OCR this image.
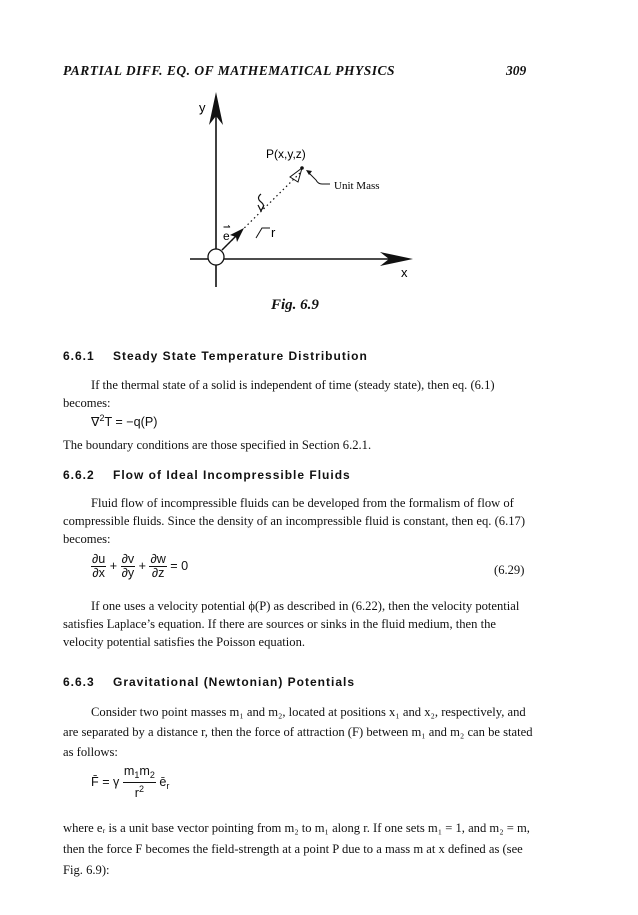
PARTIAL DIFF. EQ. OF MATHEMATICAL PHYSICS	309
y
x
P(x,y,z)
Unit Mass
r
e
⇀
Fig. 6.9
6.6.1 Steady State Temperature Distribution
If the thermal state of a solid is independent of time (steady state), then eq. (6.1) becomes:
∇$^2$T = −q(P)
The boundary conditions are those specified in Section 6.2.1.
6.6.2 Flow of Ideal Incompressible Fluids
Fluid flow of incompressible fluids can be developed from the formalism of flow of compressible fluids. Since the density of an incompressible fluid is constant, then eq. (6.17) becomes:
$\frac{\partial u}{\partial x} + \frac{\partial v}{\partial y} + \frac{\partial w}{\partial z} = 0$	(6.29)
If one uses a velocity potential ϕ(P) as described in (6.22), then the velocity potential satisfies Laplace’s equation. If there are sources or sinks in the fluid medium, then the velocity potential satisfies the Poisson equation.
6.6.3 Gravitational (Newtonian) Potentials
Consider two point masses m₁ and m₂, located at positions x₁ and x₂, respectively, and are separated by a distance r, then the force of attraction (F) between m₁ and m₂ can be stated as follows:
F̄ = γ $\frac{m_1m_2}{r^2}$ $ē_r$
where eᵣ is a unit base vector pointing from m₂ to m₁ along r. If one sets m₁ = 1, and m₂ = m, then the force F becomes the field-strength at a point P due to a mass m at x defined as (see Fig. 6.9):
